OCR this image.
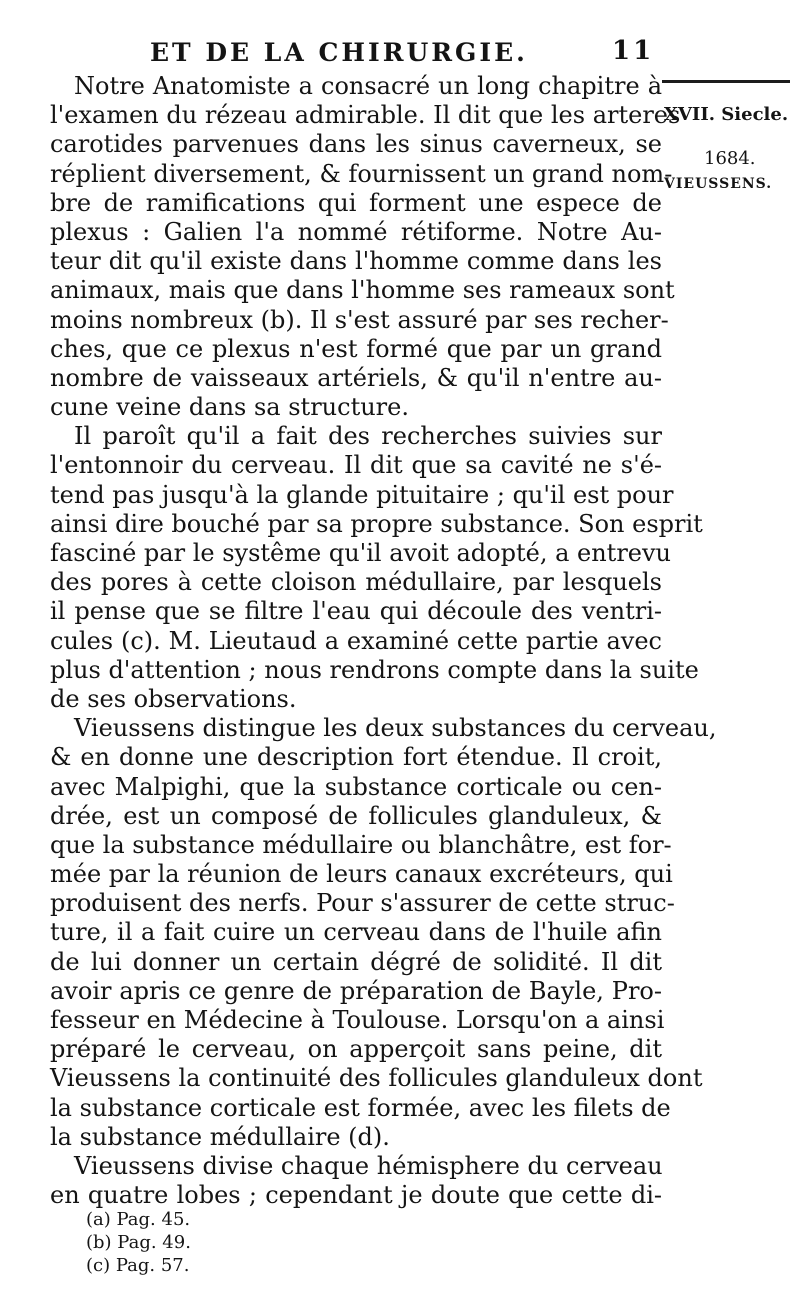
ET DE LA CHIRURGIE.	11
XVII. Siecle.
1684.
VIEUSSENS.
Notre Anatomiste a consacré un long chapitre à
l'examen du rézeau admirable. Il dit que les arteres
carotides parvenues dans les sinus caverneux, se
réplient diversement, & fournissent un grand nom-
bre de ramifications qui forment une espece de
plexus : Galien l'a nommé rétiforme. Notre Au-
teur dit qu'il existe dans l'homme comme dans les
animaux, mais que dans l'homme ses rameaux sont
moins nombreux (b). Il s'est assuré par ses recher-
ches, que ce plexus n'est formé que par un grand
nombre de vaisseaux artériels, & qu'il n'entre au-
cune veine dans sa structure.
Il paroît qu'il a fait des recherches suivies sur
l'entonnoir du cerveau. Il dit que sa cavité ne s'é-
tend pas jusqu'à la glande pituitaire ; qu'il est pour
ainsi dire bouché par sa propre substance. Son esprit
fasciné par le systême qu'il avoit adopté, a entrevu
des pores à cette cloison médullaire, par lesquels
il pense que se filtre l'eau qui découle des ventri-
cules (c). M. Lieutaud a examiné cette partie avec
plus d'attention ; nous rendrons compte dans la suite
de ses observations.
Vieussens distingue les deux substances du cerveau,
& en donne une description fort étendue. Il croit,
avec Malpighi, que la substance corticale ou cen-
drée, est un composé de follicules glanduleux, &
que la substance médullaire ou blanchâtre, est for-
mée par la réunion de leurs canaux excréteurs, qui
produisent des nerfs. Pour s'assurer de cette struc-
ture, il a fait cuire un cerveau dans de l'huile afin
de lui donner un certain dégré de solidité. Il dit
avoir apris ce genre de préparation de Bayle, Pro-
fesseur en Médecine à Toulouse. Lorsqu'on a ainsi
préparé le cerveau, on apperçoit sans peine, dit
Vieussens la continuité des follicules glanduleux dont
la substance corticale est formée, avec les filets de
la substance médullaire (d).
Vieussens divise chaque hémisphere du cerveau
en quatre lobes ; cependant je doute que cette di-
(a) Pag. 45.
(b) Pag. 49.
(c) Pag. 57.
